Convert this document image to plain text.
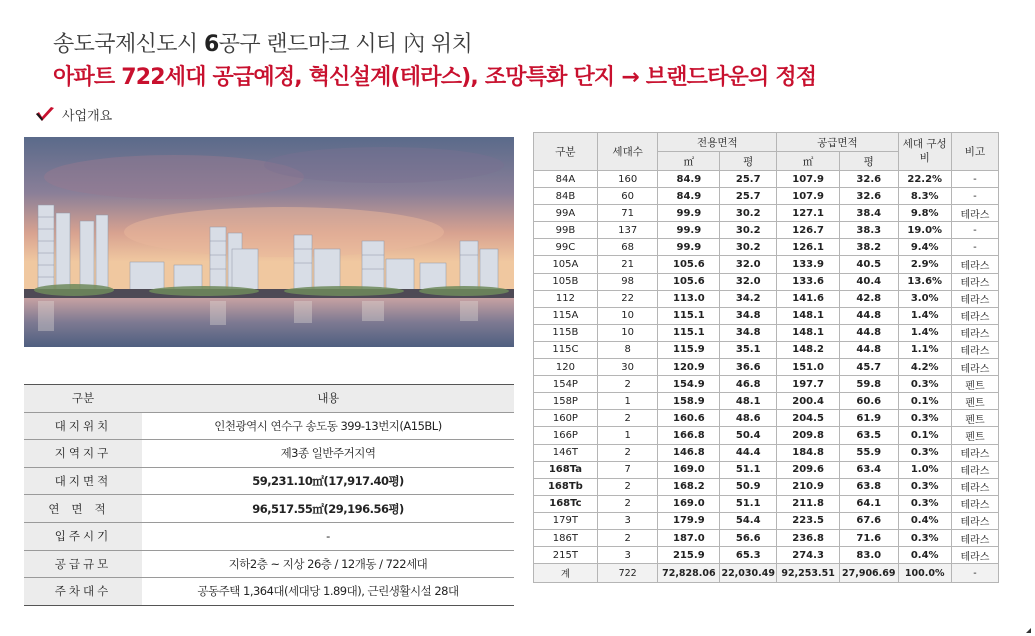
송도국제신도시 6공구 랜드마크 시티 內 위치
아파트 722세대 공급예정, 혁신설계(테라스), 조망특화 단지 → 브랜드타운의 정점
사업개요
구분	내용
대지위치	인천광역시 연수구 송도동 399-13번지(A15BL)
지역지구	제3종 일반주거지역
대지면적	59,231.10㎡(17,917.40평)
연면적	96,517.55㎡(29,196.56평)
입주시기	-
공급규모	지하2층 ~ 지상 26층 / 12개동 / 722세대
주차대수	공동주택 1,364대(세대당 1.89대), 근린생활시설 28대
구분	세대수	전용면적		공급면적		세대 구성비	비고
		㎡	평	㎡	평		
84A	160	84.9	25.7	107.9	32.6	22.2%	-
84B	60	84.9	25.7	107.9	32.6	8.3%	-
99A	71	99.9	30.2	127.1	38.4	9.8%	테라스
99B	137	99.9	30.2	126.7	38.3	19.0%	-
99C	68	99.9	30.2	126.1	38.2	9.4%	-
105A	21	105.6	32.0	133.9	40.5	2.9%	테라스
105B	98	105.6	32.0	133.6	40.4	13.6%	테라스
112	22	113.0	34.2	141.6	42.8	3.0%	테라스
115A	10	115.1	34.8	148.1	44.8	1.4%	테라스
115B	10	115.1	34.8	148.1	44.8	1.4%	테라스
115C	8	115.9	35.1	148.2	44.8	1.1%	테라스
120	30	120.9	36.6	151.0	45.7	4.2%	테라스
154P	2	154.9	46.8	197.7	59.8	0.3%	펜트
158P	1	158.9	48.1	200.4	60.6	0.1%	펜트
160P	2	160.6	48.6	204.5	61.9	0.3%	펜트
166P	1	166.8	50.4	209.8	63.5	0.1%	펜트
146T	2	146.8	44.4	184.8	55.9	0.3%	테라스
168Ta	7	169.0	51.1	209.6	63.4	1.0%	테라스
168Tb	2	168.2	50.9	210.9	63.8	0.3%	테라스
168Tc	2	169.0	51.1	211.8	64.1	0.3%	테라스
179T	3	179.9	54.4	223.5	67.6	0.4%	테라스
186T	2	187.0	56.6	236.8	71.6	0.3%	테라스
215T	3	215.9	65.3	274.3	83.0	0.4%	테라스
계	722	72,828.06	22,030.49	92,253.51	27,906.69	100.0%	-
